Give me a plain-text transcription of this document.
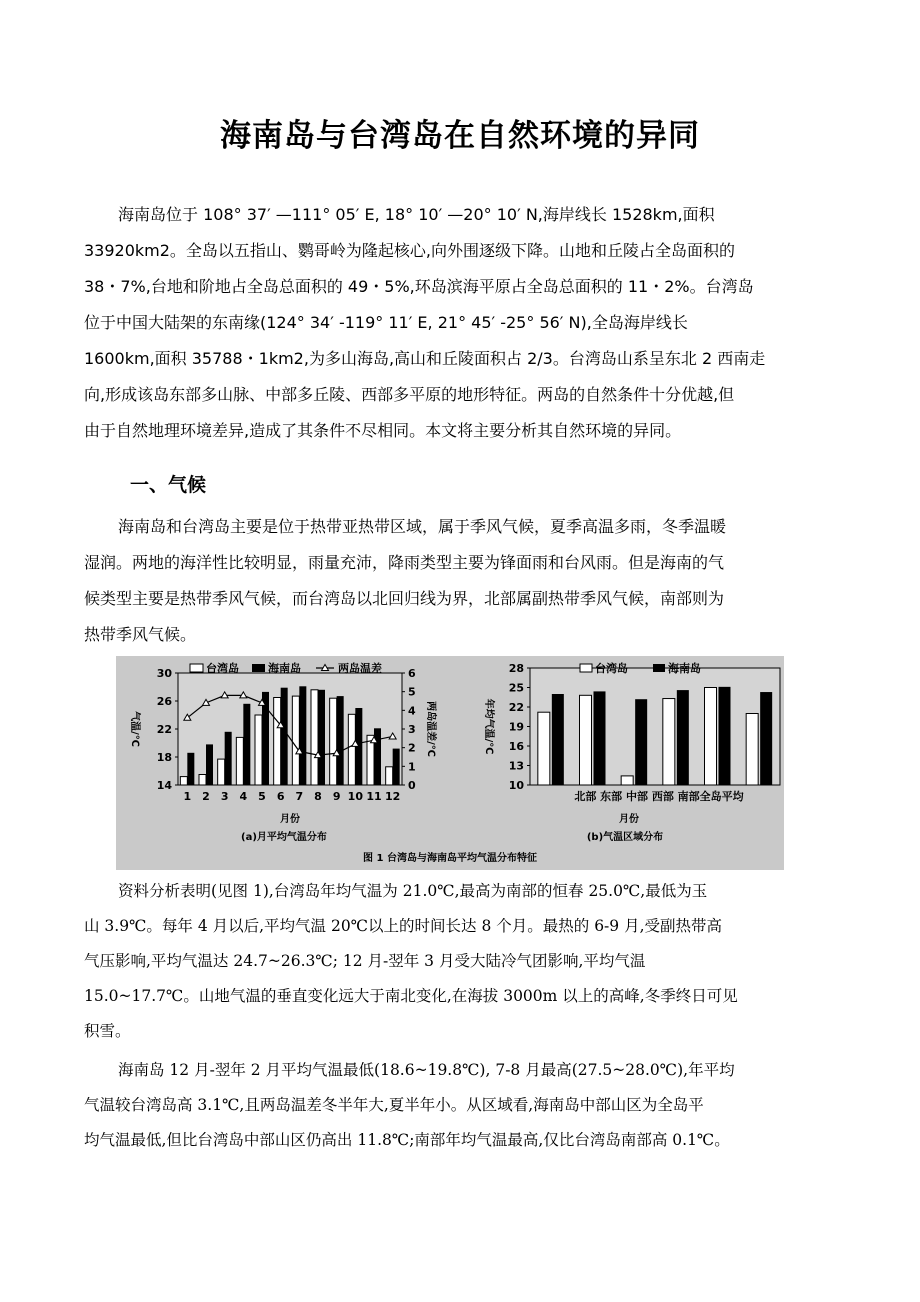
海南岛与台湾岛在自然环境的异同
海南岛位于 108° 37′ —111° 05′ E, 18° 10′ —20° 10′ N,海岸线长 1528km,面积
33920km2。全岛以五指山、鹦哥岭为隆起核心,向外围逐级下降。山地和丘陵占全岛面积的
38・7%,台地和阶地占全岛总面积的 49・5%,环岛滨海平原占全岛总面积的 11・2%。台湾岛
位于中国大陆架的东南缘(124° 34′ -119° 11′ E, 21° 45′ -25° 56′ N),全岛海岸线长
1600km,面积 35788・1km2,为多山海岛,高山和丘陵面积占 2/3。台湾岛山系呈东北 2 西南走
向,形成该岛东部多山脉、中部多丘陵、西部多平原的地形特征。两岛的自然条件十分优越,但
由于自然地理环境差异,造成了其条件不尽相同。本文将主要分析其自然环境的异同。
一、气候
海南岛和台湾岛主要是位于热带亚热带区域，属于季风气候，夏季高温多雨，冬季温暖
湿润。两地的海洋性比较明显，雨量充沛，降雨类型主要为锋面雨和台风雨。但是海南的气
候类型主要是热带季风气候，而台湾岛以北回归线为界，北部属副热带季风气候，南部则为
热带季风气候。
14
18
22
26
30
0
1
2
3
4
5
6
1 2 3 4 5 6 7 8 9 10 11 12
气温/℃	两岛温差/℃
月份
(a)月平均气温分布
台湾岛	海南岛	两岛温差
10
13
16
19
22
25
28
北部 东部 中部 西部 南部全岛平均
年均气温/℃
月份
(b)气温区域分布
台湾岛	海南岛
图 1 台湾岛与海南岛平均气温分布特征
资料分析表明(见图 1),台湾岛年均气温为 21.0℃,最高为南部的恒春 25.0℃,最低为玉
山 3.9℃。每年 4 月以后,平均气温 20℃以上的时间长达 8 个月。最热的 6-9 月,受副热带高
气压影响,平均气温达 24.7~26.3℃; 12 月-翌年 3 月受大陆冷气团影响,平均气温
15.0~17.7℃。山地气温的垂直变化远大于南北变化,在海拔 3000m 以上的高峰,冬季终日可见
积雪。
海南岛 12 月-翌年 2 月平均气温最低(18.6~19.8℃), 7-8 月最高(27.5~28.0℃),年平均
气温较台湾岛高 3.1℃,且两岛温差冬半年大,夏半年小。从区域看,海南岛中部山区为全岛平
均气温最低,但比台湾岛中部山区仍高出 11.8℃;南部年均气温最高,仅比台湾岛南部高 0.1℃。
